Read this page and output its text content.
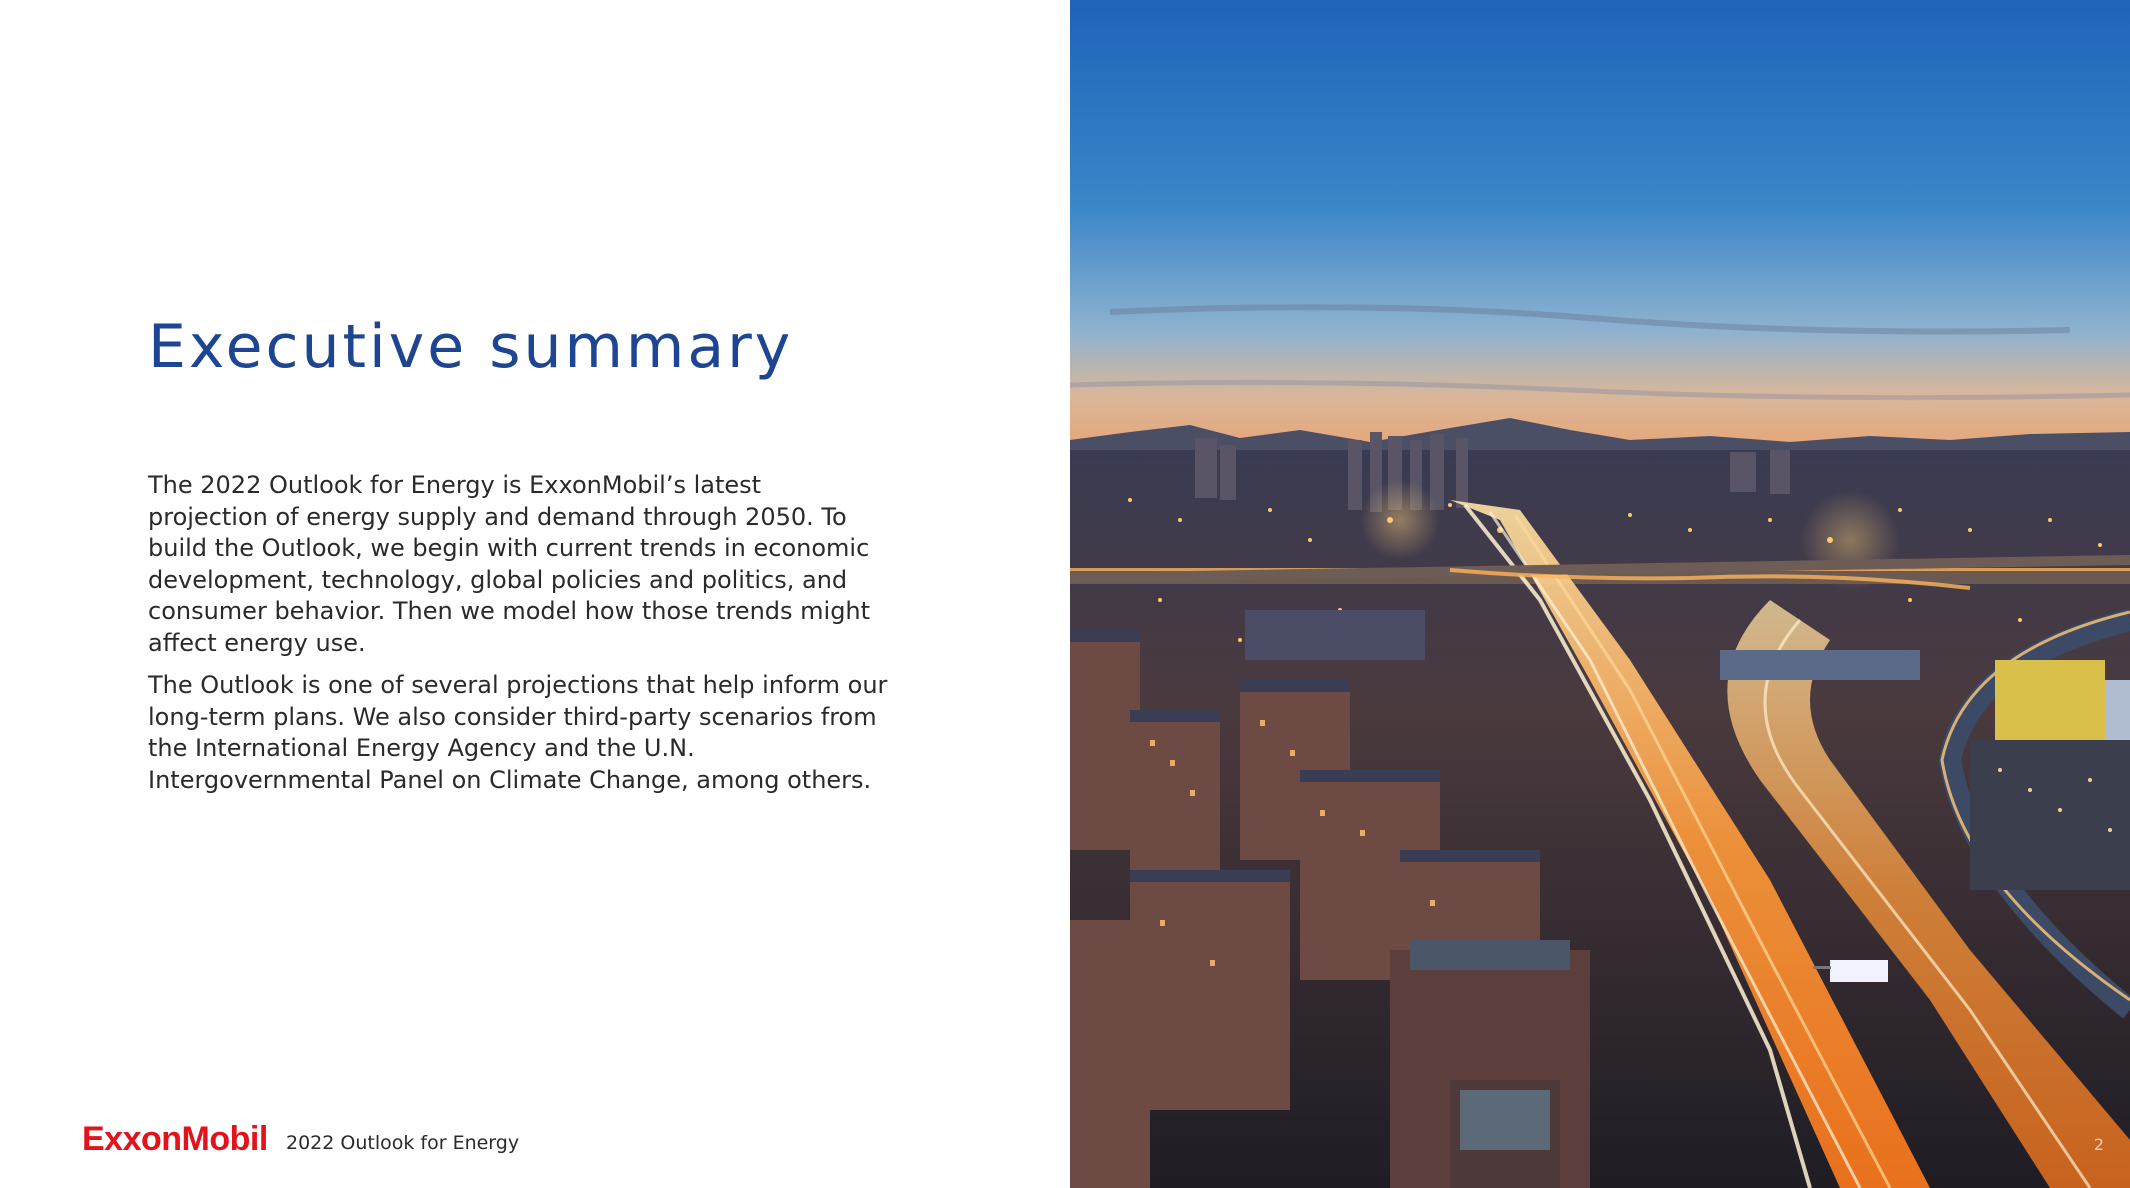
Executive summary

The 2022 Outlook for Energy is ExxonMobil’s latest projection of energy supply and demand through 2050. To build the Outlook, we begin with current trends in economic development, technology, global policies and politics, and consumer behavior. Then we model how those trends might affect energy use.

The Outlook is one of several projections that help inform our long-term plans. We also consider third-party scenarios from the International Energy Agency and the U.N. Intergovernmental Panel on Climate Change, among others.

ExxonMobil 2022 Outlook for Energy	2
